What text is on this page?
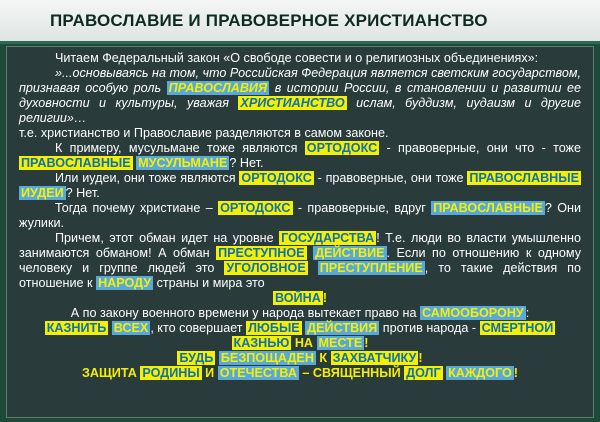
ПРАВОСЛАВИЕ И ПРАВОВЕРНОЕ ХРИСТИАНСТВО

Читаем Федеральный закон «О свободе совести и о религиозных объединениях»:

»...основываясь на том, что Российская Федерация является светским государством, признавая особую роль ПРАВОСЛАВИЯ в истории России, в становлении и развитии ее духовности и культуры, уважая ХРИСТИАНСТВО ислам, буддизм, иудаизм и другие религии»…

т.е. христианство и Православие разделяются в самом законе.

К примеру, мусульмане тоже являются ОРТОДОКС - правоверные, они что - тоже ПРАВОСЛАВНЫЕ МУСУЛЬМАНЕ ? Нет.

Или иудеи, они тоже являются ОРТОДОКС - правоверные, они тоже ПРАВОСЛАВНЫЕ ИУДЕИ ? Нет.

Тогда почему христиане – ОРТОДОКС - правоверные, вдруг ПРАВОСЛАВНЫЕ ? Они жулики.

Причем, этот обман идет на уровне ГОСУДАРСТВА ! Т.е. люди во власти умышленно занимаются обманом! А обман ПРЕСТУПНОЕ ДЕЙСТВИЕ . Если по отношению к одному человеку и группе людей это УГОЛОВНОЕ ПРЕСТУПЛЕНИЕ , то такие действия по отношение к НАРОДУ страны и мира это

ВОЙНА !

А по закону военного времени у народа вытекает право на САМООБОРОНУ :

КАЗНИТЬ ВСЕХ , кто совершает ЛЮБЫЕ ДЕЙСТВИЯ против народа - СМЕРТНОЙ

КАЗНЬЮ НА МЕСТЕ !

БУДЬ БЕЗПОЩАДЕН К ЗАХВАТЧИКУ !

ЗАЩИТА РОДИНЫ И ОТЕЧЕСТВА – СВЯЩЕННЫЙ ДОЛГ КАЖДОГО !
